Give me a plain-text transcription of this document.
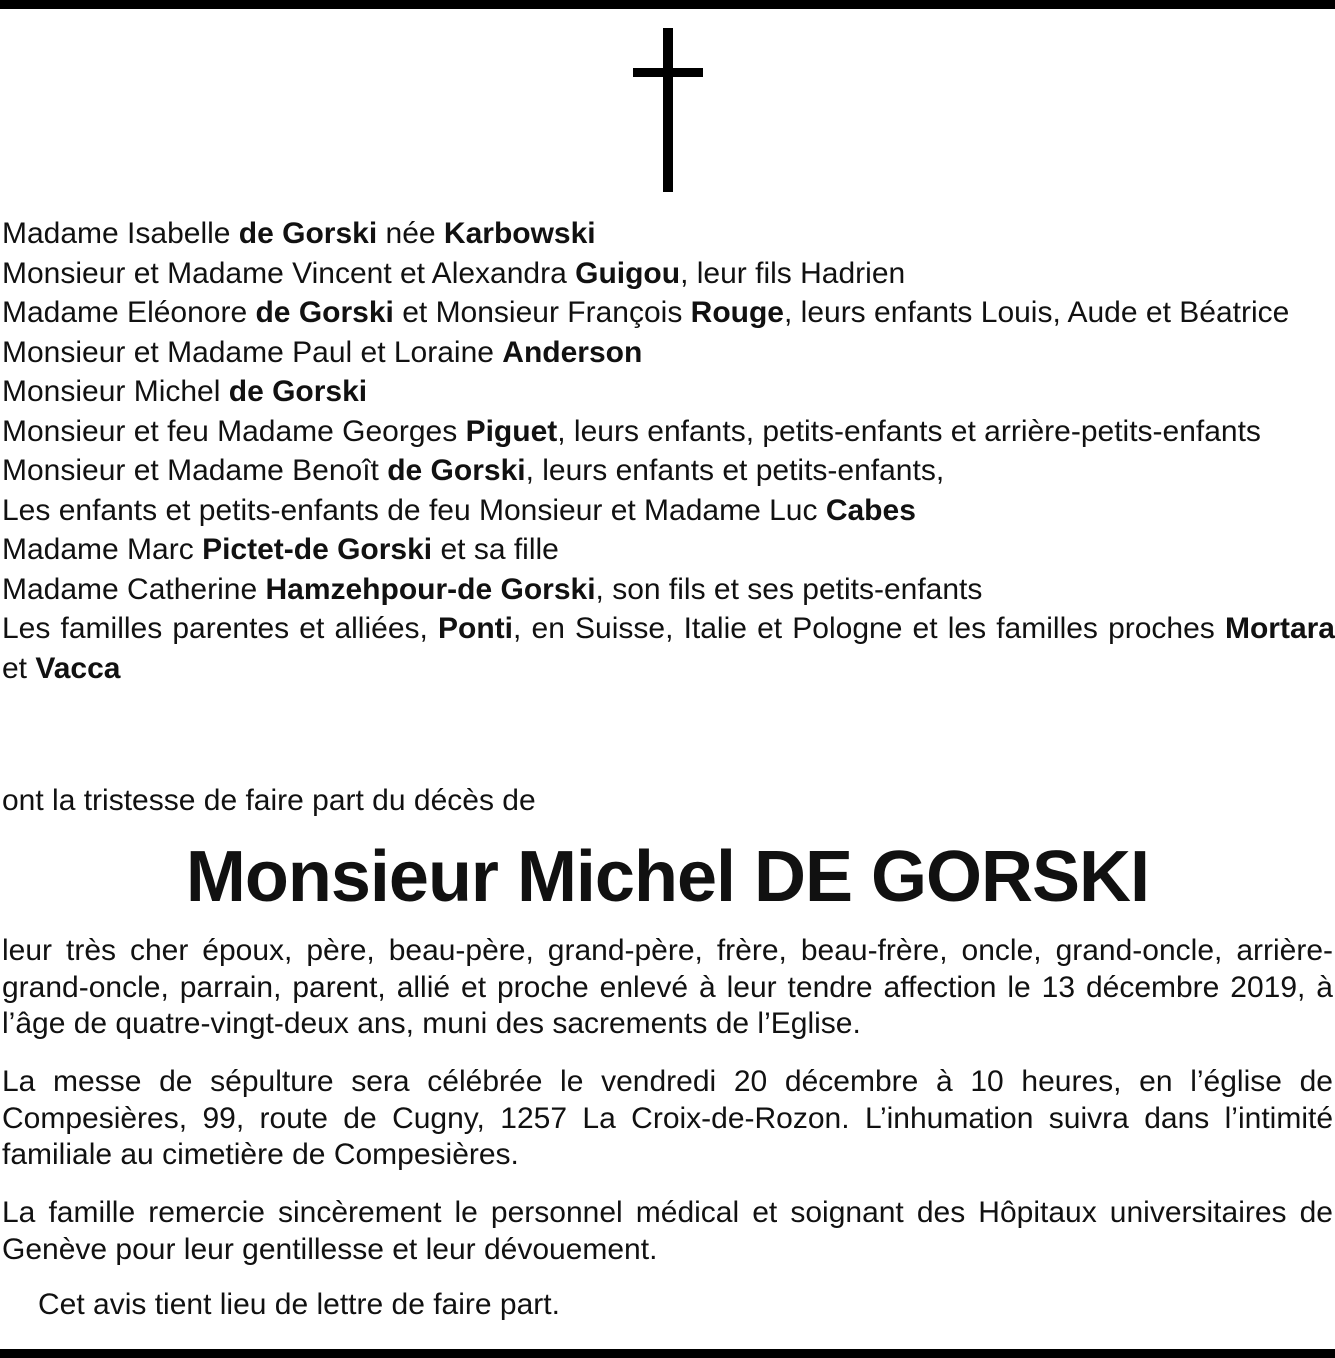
Madame Isabelle de Gorski née Karbowski
Monsieur et Madame Vincent et Alexandra Guigou, leur fils Hadrien
Madame Eléonore de Gorski et Monsieur François Rouge, leurs enfants Louis, Aude et Béatrice
Monsieur et Madame Paul et Loraine Anderson
Monsieur Michel de Gorski
Monsieur et feu Madame Georges Piguet, leurs enfants, petits-enfants et arrière-petits-enfants
Monsieur et Madame Benoît de Gorski, leurs enfants et petits-enfants,
Les enfants et petits-enfants de feu Monsieur et Madame Luc Cabes
Madame Marc Pictet-de Gorski et sa fille
Madame Catherine Hamzehpour-de Gorski, son fils et ses petits-enfants
Les familles parentes et alliées, Ponti, en Suisse, Italie et Pologne et les familles proches Mortara et Vacca
ont la tristesse de faire part du décès de
Monsieur Michel DE GORSKI
leur très cher époux, père, beau-père, grand-père, frère, beau-frère, oncle, grand-oncle, arrière-grand-oncle, parrain, parent, allié et proche enlevé à leur tendre affection le 13 décembre 2019, à l’âge de quatre-vingt-deux ans, muni des sacrements de l’Eglise.
La messe de sépulture sera célébrée le vendredi 20 décembre à 10 heures, en l’église de Compesières, 99, route de Cugny, 1257 La Croix-de-Rozon. L’inhumation suivra dans l’intimité familiale au cimetière de Compesières.
La famille remercie sincèrement le personnel médical et soignant des Hôpitaux universitaires de Genève pour leur gentillesse et leur dévouement.
Cet avis tient lieu de lettre de faire part.
